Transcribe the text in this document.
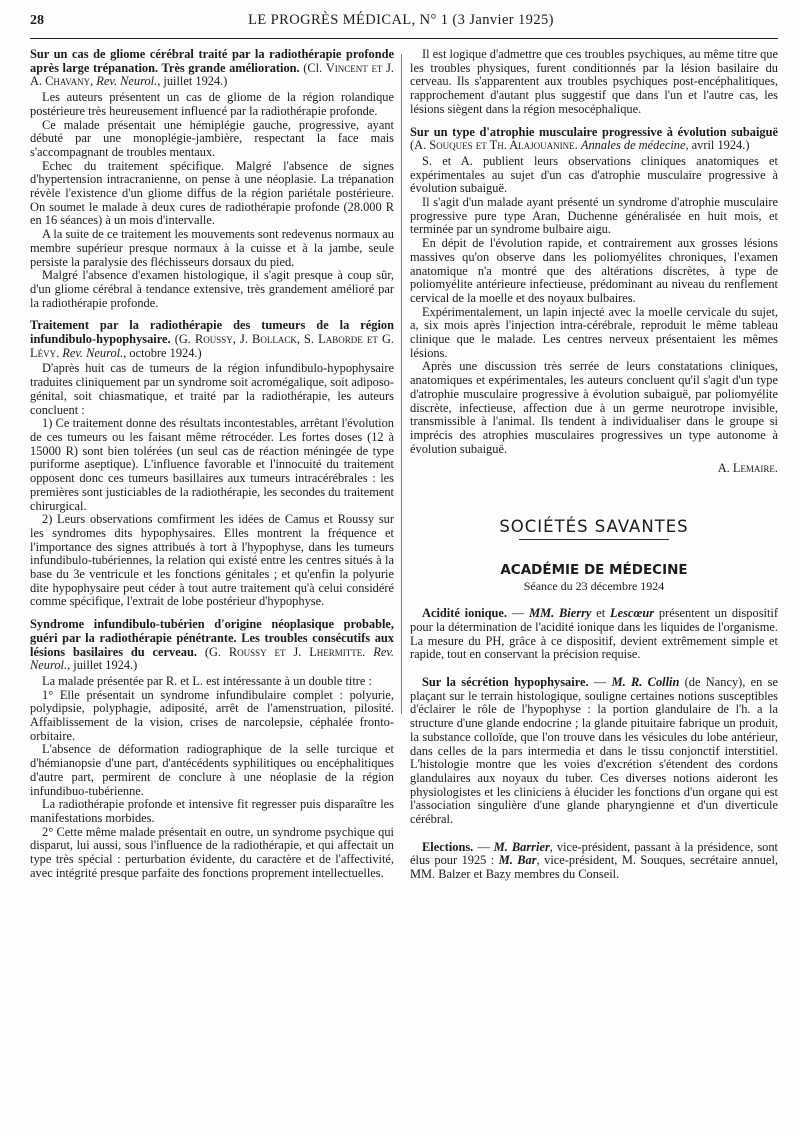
28	LE PROGRÈS MÉDICAL, N° 1 (3 Janvier 1925)
Sur un cas de gliome cérébral traité par la radiothérapie profonde après large trépanation. Très grande amélioration. (Cl. Vincent et J. A. Chavany, Rev. Neurol., juillet 1924.)

Les auteurs présentent un cas de gliome de la région rolandique postérieure très heureusement influencé par la radiothérapie profonde.

Ce malade présentait une hémiplégie gauche, progressive, ayant débuté par une monoplégie-jambière, respectant la face mais s'accompagnant de troubles mentaux.

Echec du traitement spécifique. Malgré l'absence de signes d'hypertension intracranienne, on pense à une néoplasie. La trépanation révèle l'existence d'un gliome diffus de la région pariétale postérieure. On soumet le malade à deux cures de radiothérapie profonde (28.000 R en 16 séances) à un mois d'intervalle.

A la suite de ce traitement les mouvements sont redevenus normaux au membre supérieur presque normaux à la cuisse et à la jambe, seule persiste la paralysie des fléchisseurs dorsaux du pied.

Malgré l'absence d'examen histologique, il s'agit presque à coup sûr, d'un gliome cérébral à tendance extensive, très grandement amélioré par la radiothérapie profonde.

Traitement par la radiothérapie des tumeurs de la région infundibulo-hypophysaire. (G. Roussy, J. Bollack, S. Laborde et G. Lévy. Rev. Neurol., octobre 1924.)

D'après huit cas de tumeurs de la région infundibulo-hypophysaire traduites cliniquement par un syndrome soit acromégalique, soit adiposo-génital, soit chiasmatique, et traité par la radiothérapie, les auteurs concluent :

1) Ce traitement donne des résultats incontestables, arrêtant l'évolution de ces tumeurs ou les faisant même rétrocéder. Les fortes doses (12 à 15000 R) sont bien tolérées (un seul cas de réaction méningée de type puriforme aseptique). L'influence favorable et l'innocuité du traitement opposent donc ces tumeurs basillaires aux tumeurs intracérébrales : les premières sont justiciables de la radiothérapie, les secondes du traitement chirurgical.

2) Leurs observations comfirment les idées de Camus et Roussy sur les syndromes dits hypophysaires. Elles montrent la fréquence et l'importance des signes attribués à tort à l'hypophyse, dans les tumeurs infundibulo-tubériennes, la relation qui existé entre les centres situés à la base du 3e ventricule et les fonctions génitales ; et qu'enfin la polyurie dite hypophysaire peut céder à tout autre traitement qu'à celui considéré comme spécifique, l'extrait de lobe postérieur d'hypophyse.

Syndrome infundibulo-tubérien d'origine néoplasique probable, guéri par la radiothérapie pénétrante. Les troubles consécutifs aux lésions basilaires du cerveau. (G. Roussy et J. Lhermitte. Rev. Neurol., juillet 1924.)

La malade présentée par R. et L. est intéressante à un double titre :

1° Elle présentait un syndrome infundibulaire complet : polyurie, polydipsie, polyphagie, adiposité, arrêt de l'amenstruation, pilosité. Affaiblissement de la vision, crises de narcolepsie, céphalée fronto-orbitaire.

L'absence de déformation radiographique de la selle turcique et d'hémianopsie d'une part, d'antécédents syphilitiques ou encéphalitiques d'autre part, permirent de conclure à une néoplasie de la région infundibuo-tubérienne.

La radiothérapie profonde et intensive fit regresser puis disparaître les manifestations morbides.

2° Cette même malade présentait en outre, un syndrome psychique qui disparut, lui aussi, sous l'influence de la radiothérapie, et qui affectait un type très spécial : perturbation évidente, du caractère et de l'affectivité, avec intégrité presque parfaite des fonctions proprement intellectuelles.

Il est logique d'admettre que ces troubles psychiques, au même titre que les troubles physiques, furent conditionnés par la lésion basilaire du cerveau. Ils s'apparentent aux troubles psychiques post-encéphalitiques, rapprochement d'autant plus suggestif que dans l'un et l'autre cas, les lésions siègent dans la région mesocéphalique.

Sur un type d'atrophie musculaire progressive à évolution subaiguë (A. Souques et Th. Alajouanine. Annales de médecine, avril 1924.)

S. et A. publient leurs observations cliniques anatomiques et expérimentales au sujet d'un cas d'atrophie musculaire progressive à évolution subaiguë.

Il s'agit d'un malade ayant présenté un syndrome d'atrophie musculaire progressive pure type Aran, Duchenne généralisée en huit mois, et terminée par un syndrome bulbaire aigu.

En dépit de l'évolution rapide, et contrairement aux grosses lésions massives qu'on observe dans les poliomyélites chroniques, l'examen anatomique n'a montré que des altérations discrètes, à type de poliomyélite antérieure infectieuse, prédominant au niveau du renflement cervical de la moelle et des noyaux bulbaires.

Expérimentalement, un lapin injecté avec la moelle cervicale du sujet, a, six mois après l'injection intra-cérébrale, reproduit le même tableau clinique que le malade. Les centres nerveux présentaient les mêmes lésions.

Après une discussion très serrée de leurs constatations cliniques, anatomiques et expérimentales, les auteurs concluent qu'il s'agit d'un type d'atrophie musculaire progressive à évolution subaiguë, par poliomyélite discrète, infectieuse, affection due à un germe neurotrope invisible, transmissible à l'animal. Ils tendent à individualiser dans le groupe si imprécis des atrophies musculaires progressives un type autonome à évolution subaiguë.

A. Lemaire.

SOCIÉTÉS SAVANTES
ACADÉMIE DE MÉDECINE
Séance du 23 décembre 1924

Acidité ionique. — MM. Bierry et Lescœur présentent un dispositif pour la détermination de l'acidité ionique dans les liquides de l'organisme. La mesure du PH, grâce à ce dispositif, devient extrêmement simple et rapide, tout en conservant la précision requise.

Sur la sécrétion hypophysaire. — M. R. Collin (de Nancy), en se plaçant sur le terrain histologique, souligne certaines notions susceptibles d'éclairer le rôle de l'hypophyse : la portion glandulaire de l'h. a la structure d'une glande endocrine ; la glande pituitaire fabrique un produit, la substance colloïde, que l'on trouve dans les vésicules du lobe antérieur, dans celles de la pars intermedia et dans le tissu conjonctif interstitiel. L'histologie montre que les voies d'excrétion s'étendent des cordons glandulaires aux noyaux du tuber. Ces diverses notions aideront les physiologistes et les cliniciens à élucider les fonctions d'un organe qui est l'association singulière d'une glande pharyngienne et d'un diverticule cérébral.

Elections. — M. Barrier, vice-président, passant à la présidence, sont élus pour 1925 : M. Bar, vice-président, M. Souques, secrétaire annuel, MM. Balzer et Bazy membres du Conseil.
